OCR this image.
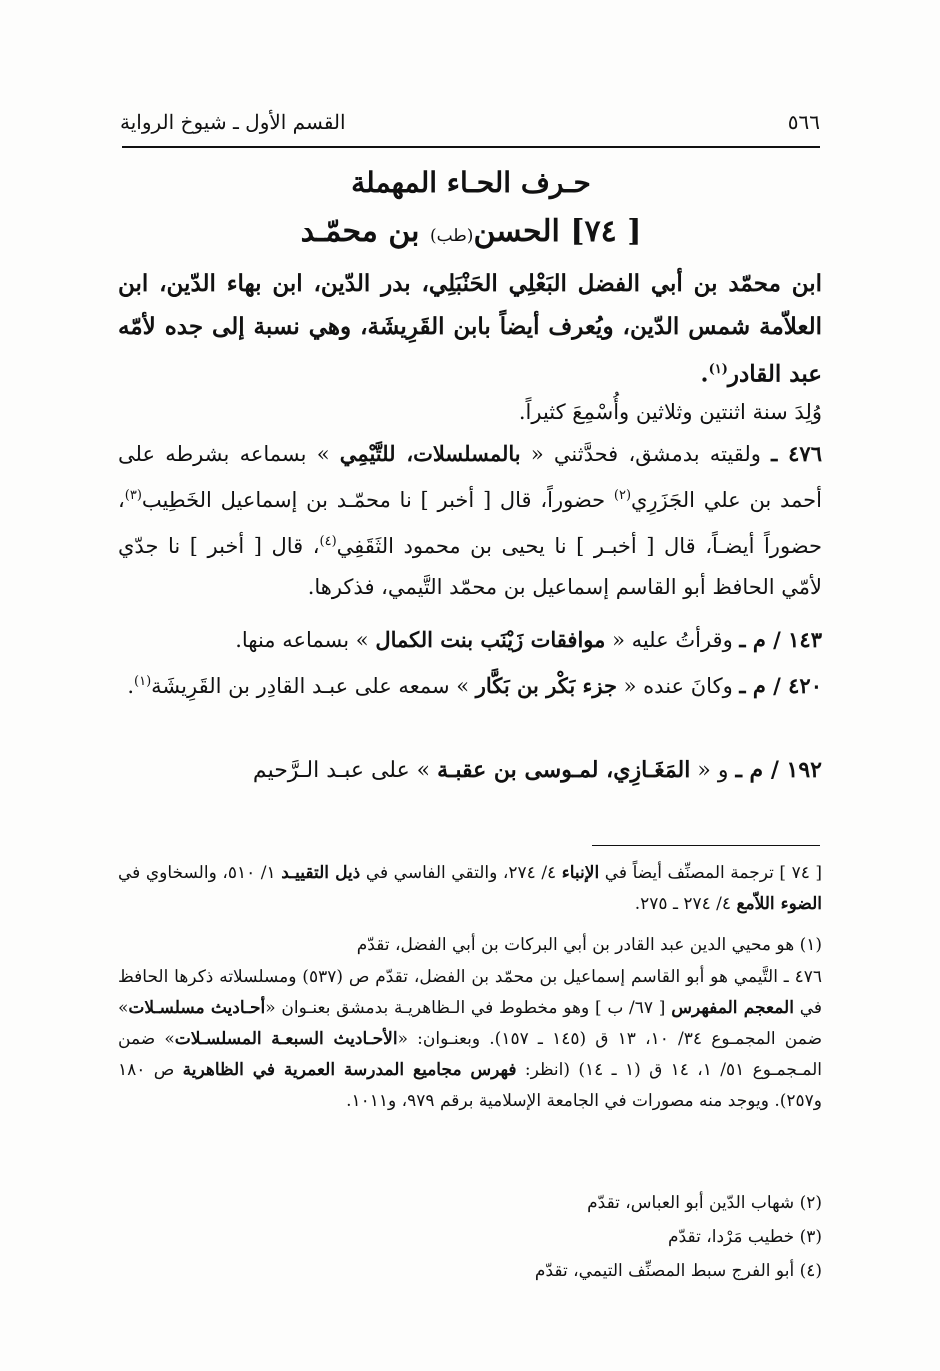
٥٦٦
القسم الأول ـ شيوخ الرواية
حـرف الحـاء المهملة
[ ٧٤] الحسن(طب) بن محمّـد
ابن محمّد بن أبي الفضل البَعْلِي الحَنْبَلِي، بدر الدّين، ابن بهاء الدّين، ابن العلاّمة شمس الدّين، ويُعرف أيضاً بابن القَرِيشَة، وهي نسبة إلى جده لأمّه عبد القادر$^{(١)}$.
وُلِدَ سنة اثنتين وثلاثين وأُسْمِعَ كثيراً.
٤٧٦ ـ ولقيته بدمشق، فحدَّثني « بالمسلسلات، للتَّيْمِي » بسماعه بشرطه على أحمد بن علي الجَزَرِي$^{(٢)}$ حضوراً، قال [ أخبر ] نا محمّـد بن إسماعيل الخَطِيب$^{(٣)}$، حضوراً أيضـاً، قال [ أخبـر ] نا يحيى بن محمود الثَقَفِي$^{(٤)}$، قال [ أخبر ] نا جدّي لأمّي الحافظ أبو القاسم إسماعيل بن محمّد التَّيمي، فذكرها.
١٤٣ / م ـ وقرأتُ عليه « موافقات زَيْنَب بنت الكمال » بسماعه منها.
٤٢٠ / م ـ وكانَ عنده « جزء بَكْر بن بَكَّار » سمعه على عبـد القادِر بن القَرِيشَة$^{(١)}$.
١٩٢ / م ـ و « المَغَـازِي، لمـوسى بن عقبـة » على عبـد الـرَّحيم
[ ٧٤ ] ترجمة المصنِّف أيضاً في الإنباء ٤/ ٢٧٤، والتقي الفاسي في ذيل التقييـد ١/ ٥١٠، والسخاوي في الضوء اللاّمع ٤/ ٢٧٤ ـ ٢٧٥.
(١) هو محيي الدين عبد القادر بن أبي البركات بن أبي الفضل، تقدّم
٤٧٦ ـ التَّيمي هو أبو القاسم إسماعيل بن محمّد بن الفضل، تقدّم ص (٥٣٧) ومسلسلاته ذكرها الحافظ في المعجم المفهرس [ ٦٧/ ب ] وهو مخطوط في الـظاهريـة بدمشق بعنـوان «أحـاديث مسلسـلات» ضمن المجمـوع ٣٤/ ١٠، ١٣ ق (١٤٥ ـ ١٥٧). وبعنـوان: «الأحـاديث السبعـة المسلسـلات» ضمن المـجمـوع ٥١/ ١، ١٤ ق (١ ـ ١٤) (انظر: فهرس مجاميع المدرسة العمرية في الظاهرية ص ١٨٠ و٢٥٧). ويوجد منه مصورات في الجامعة الإسلامية برقم ٩٧٩، و١٠١١.
(٢) شهاب الدّين أبو العباس، تقدّم
(٣) خطيب مَرْدا، تقدّم
(٤) أبو الفرج سبط المصنِّف التيمي، تقدّم
